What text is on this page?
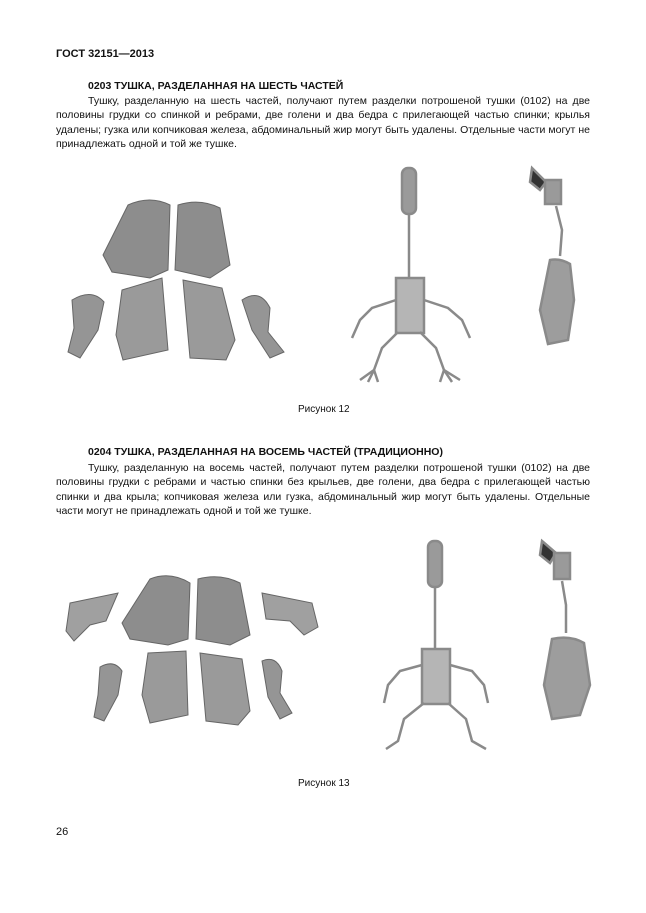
ГОСТ 32151—2013
0203 ТУШКА, РАЗДЕЛАННАЯ НА ШЕСТЬ ЧАСТЕЙ
Тушку, разделанную на шесть частей, получают путем разделки потрошеной тушки (0102) на две половины грудки со спинкой и ребрами, две голени и два бедра с прилегающей частью спинки; крылья удалены; гузка или копчиковая железа, абдоминальный жир могут быть удалены. Отдельные части могут не принадлежать одной и той же тушке.
Рисунок 12
0204 ТУШКА, РАЗДЕЛАННАЯ НА ВОСЕМЬ ЧАСТЕЙ (ТРАДИЦИОННО)
Тушку, разделанную на восемь частей, получают путем разделки потрошеной тушки (0102) на две половины грудки с ребрами и частью спинки без крыльев, две голени, два бедра с прилегающей частью спинки и два крыла; копчиковая железа или гузка, абдоминальный жир могут быть удалены. Отдельные части могут не принадлежать одной и той же тушке.
Рисунок 13
26
